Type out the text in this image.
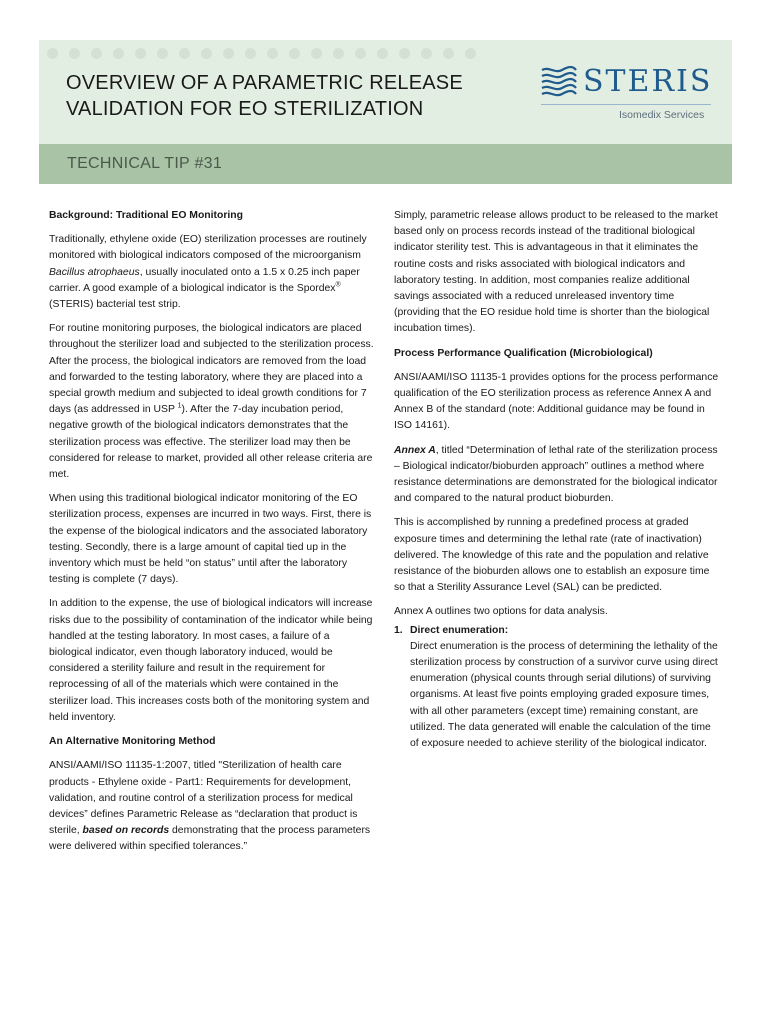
OVERVIEW OF A PARAMETRIC RELEASE
VALIDATION FOR EO STERILIZATION
STERIS
Isomedix Services
TECHNICAL TIP #31
Background: Traditional EO Monitoring

Traditionally, ethylene oxide (EO) sterilization processes are routinely monitored with biological indicators composed of the microorganism Bacillus atrophaeus, usually inoculated onto a 1.5 x 0.25 inch paper carrier. A good example of a biological indicator is the Spordex® (STERIS) bacterial test strip.

For routine monitoring purposes, the biological indicators are placed throughout the sterilizer load and subjected to the sterilization process. After the process, the biological indicators are removed from the load and forwarded to the testing laboratory, where they are placed into a special growth medium and subjected to ideal growth conditions for 7 days (as addressed in USP $^1$). After the 7-day incubation period, negative growth of the biological indicators demonstrates that the sterilization process was effective. The sterilizer load may then be considered for release to market, provided all other release criteria are met.

When using this traditional biological indicator monitoring of the EO sterilization process, expenses are incurred in two ways. First, there is the expense of the biological indicators and the associated laboratory testing. Secondly, there is a large amount of capital tied up in the inventory which must be held “on status” until after the laboratory testing is complete (7 days).

In addition to the expense, the use of biological indicators will increase risks due to the possibility of contamination of the indicator while being handled at the testing laboratory. In most cases, a failure of a biological indicator, even though laboratory induced, would be considered a sterility failure and result in the requirement for reprocessing of all of the materials which were contained in the sterilizer load. This increases costs both of the monitoring system and held inventory.

An Alternative Monitoring Method

ANSI/AAMI/ISO 11135-1:2007, titled "Sterilization of health care products - Ethylene oxide - Part1: Requirements for development, validation, and routine control of a sterilization process for medical devices” defines Parametric Release as “declaration that product is sterile, based on records demonstrating that the process parameters were delivered within specified tolerances.”

Simply, parametric release allows product to be released to the market based only on process records instead of the traditional biological indicator sterility test. This is advantageous in that it eliminates the routine costs and risks associated with biological indicators and laboratory testing. In addition, most companies realize additional savings associated with a reduced unreleased inventory time (providing that the EO residue hold time is shorter than the biological incubation times).

Process Performance Qualification (Microbiological)

ANSI/AAMI/ISO 11135-1 provides options for the process performance qualification of the EO sterilization process as reference Annex A and Annex B of the standard (note: Additional guidance may be found in ISO 14161).

Annex A, titled “Determination of lethal rate of the sterilization process – Biological indicator/bioburden approach” outlines a method where resistance determinations are demonstrated for the biological indicator and compared to the natural product bioburden.

This is accomplished by running a predefined process at graded exposure times and determining the lethal rate (rate of inactivation) delivered. The knowledge of this rate and the population and relative resistance of the bioburden allows one to establish an exposure time so that a Sterility Assurance Level (SAL) can be predicted.

Annex A outlines two options for data analysis.

1. Direct enumeration:
Direct enumeration is the process of determining the lethality of the sterilization process by construction of a survivor curve using direct enumeration (physical counts through serial dilutions) of surviving organisms. At least five points employing graded exposure times, with all other parameters (except time) remaining constant, are utilized. The data generated will enable the calculation of the time of exposure needed to achieve sterility of the biological indicator.
